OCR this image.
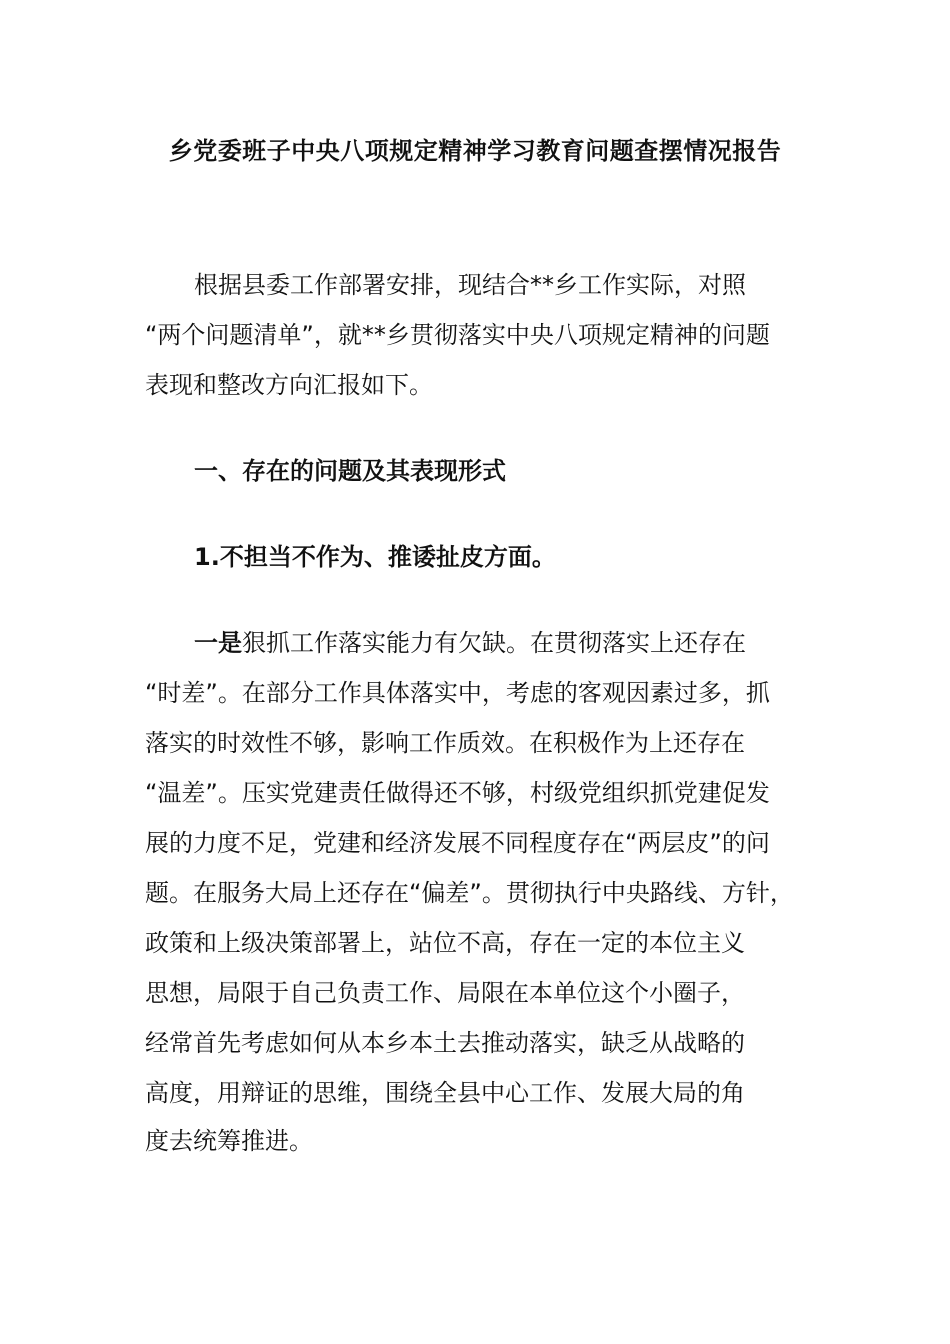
乡党委班子中央八项规定精神学习教育问题查摆情况报告
根据县委工作部署安排，现结合**乡工作实际，对照
“两个问题清单”，就**乡贯彻落实中央八项规定精神的问题
表现和整改方向汇报如下。
一、存在的问题及其表现形式
1.不担当不作为、推诿扯皮方面。
一是狠抓工作落实能力有欠缺。在贯彻落实上还存在
“时差”。在部分工作具体落实中，考虑的客观因素过多，抓
落实的时效性不够，影响工作质效。在积极作为上还存在
“温差”。压实党建责任做得还不够，村级党组织抓党建促发
展的力度不足，党建和经济发展不同程度存在“两层皮”的问
题。在服务大局上还存在“偏差”。贯彻执行中央路线、方针，
政策和上级决策部署上，站位不高，存在一定的本位主义
思想，局限于自己负责工作、局限在本单位这个小圈子，
经常首先考虑如何从本乡本土去推动落实，缺乏从战略的
高度，用辩证的思维，围绕全县中心工作、发展大局的角
度去统筹推进。
